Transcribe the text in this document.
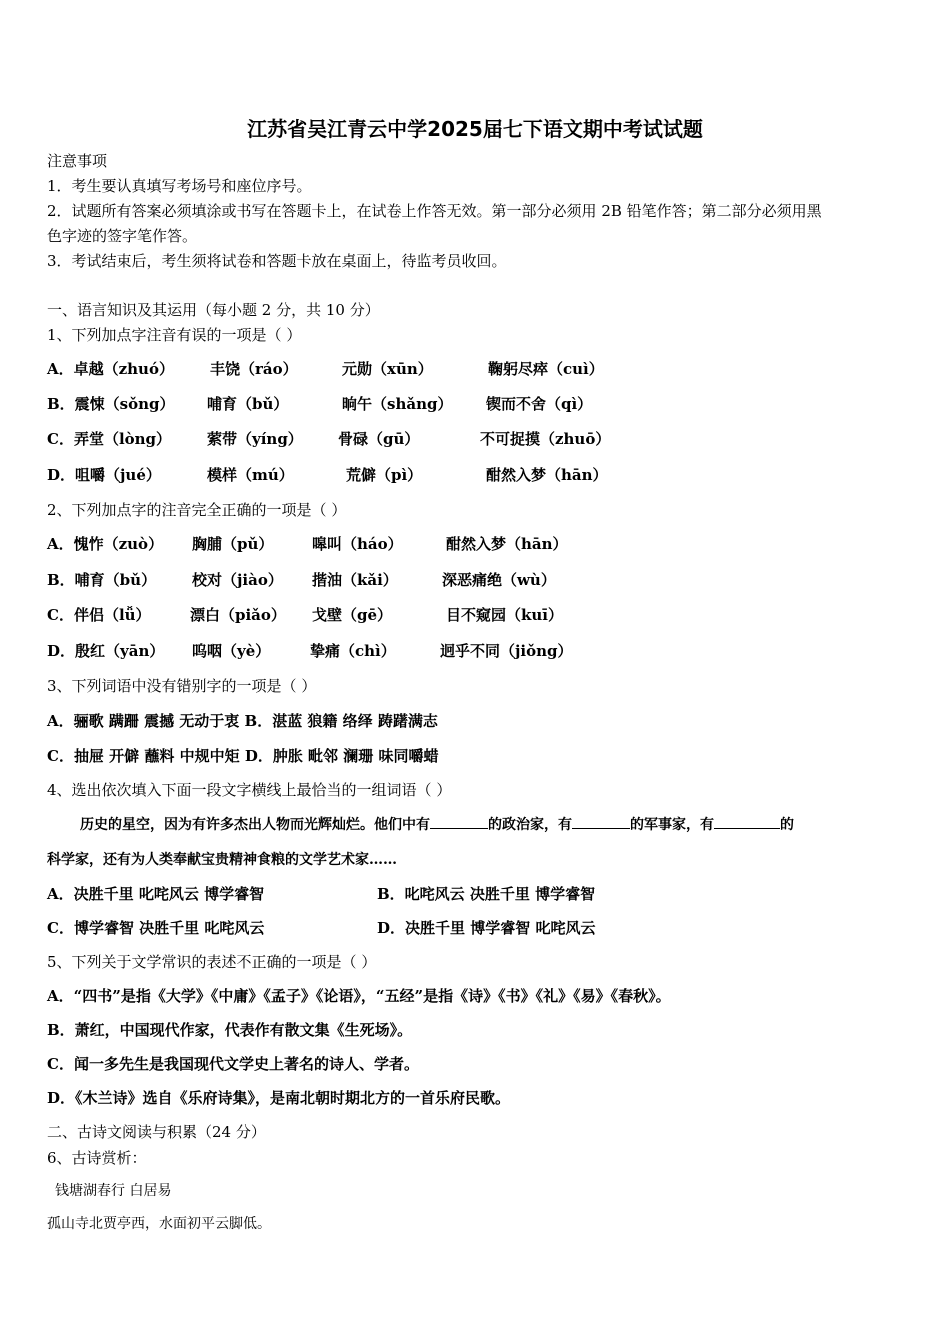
江苏省吴江青云中学2025届七下语文期中考试试题
注意事项
1．考生要认真填写考场号和座位序号。
2．试题所有答案必须填涂或书写在答题卡上，在试卷上作答无效。第一部分必须用 2B 铅笔作答；第二部分必须用黑
色字迹的签字笔作答。
3．考试结束后，考生须将试卷和答题卡放在桌面上，待监考员收回。
一、语言知识及其运用（每小题 2 分，共 10 分）
1、下列加点字注音有误的一项是（ ）
A．卓越（zhuó） 丰饶（ráo）	元勋（xūn）	鞠躬尽瘁（cuì）
B．震悚（sǒng） 哺育（bǔ）	晌午（shǎng） 锲而不舍（qì）
C．弄堂（lòng） 萦带（yíng） 骨碌（gū）	不可捉摸（zhuō）
D．咀嚼（jué）	模样（mú）	荒僻（pì）	酣然入梦（hān）
2、下列加点字的注音完全正确的一项是（ ）
A．愧怍（zuò） 胸脯（pǔ）	嗥叫（háo）	酣然入梦（hān）
B．哺育（bǔ） 校对（jiào） 揩油（kǎi）	深恶痛绝（wù）
C．伴侣（lǚ）	漂白（piǎo） 戈壁（gē）	目不窥园（kuī）
D．殷红（yān） 呜咽（yè）	挚痛（chì）	迥乎不同（jiǒng）
3、下列词语中没有错别字的一项是（ ）
A．骊歌 蹒跚 震撼 无动于衷 B．湛蓝 狼籍 络绎 踌躇满志
C．抽屉 开僻 蘸料 中规中矩 D．肿胀 毗邻 澜珊 味同嚼蜡
4、选出依次填入下面一段文字横线上最恰当的一组词语（ ）
历史的星空，因为有许多杰出人物而光辉灿烂。他们中有	的政治家，有	的军事家，有	的
科学家，还有为人类奉献宝贵精神食粮的文学艺术家……
A．决胜千里 叱咤风云 博学睿智	B．叱咤风云 决胜千里 博学睿智
C．博学睿智 决胜千里 叱咤风云	D．决胜千里 博学睿智 叱咤风云
5、下列关于文学常识的表述不正确的一项是（ ）
A．“四书”是指《大学》《中庸》《孟子》《论语》，“五经”是指《诗》《书》《礼》《易》《春秋》。
B．萧红，中国现代作家，代表作有散文集《生死场》。
C．闻一多先生是我国现代文学史上著名的诗人、学者。
D．《木兰诗》选自《乐府诗集》，是南北朝时期北方的一首乐府民歌。
二、古诗文阅读与积累（24 分）
6、古诗赏析：
钱塘湖春行 白居易
孤山寺北贾亭西，水面初平云脚低。
